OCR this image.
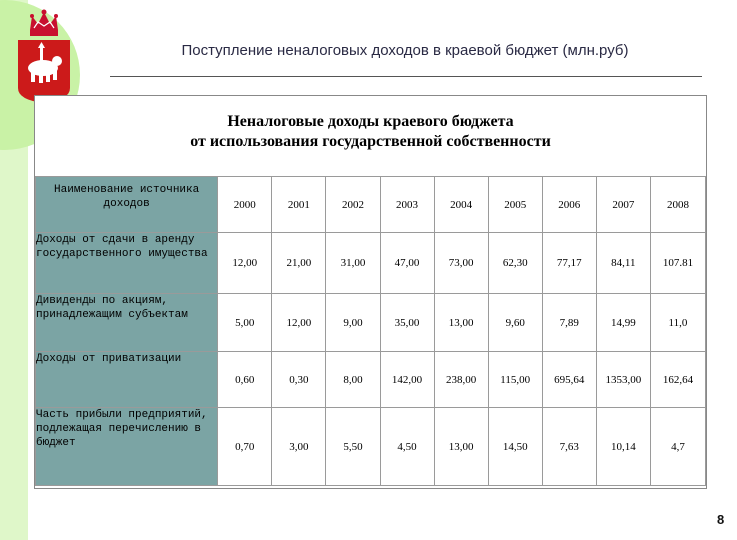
Поступление неналоговых доходов в краевой бюджет (млн.руб)
Неналоговые доходы краевого бюджета
от использования государственной собственности
Наименование источника доходов	2000	2001	2002	2003	2004	2005	2006	2007	2008
Доходы от сдачи в аренду государственного имущества	12,00	21,00	31,00	47,00	73,00	62,30	77,17	84,11	107.81
Дивиденды по акциям, принадлежащим субъектам	5,00	12,00	9,00	35,00	13,00	9,60	7,89	14,99	11,0
Доходы от приватизации	0,60	0,30	8,00	142,00	238,00	115,00	695,64	1353,00	162,64
Часть прибыли предприятий, подлежащая перечислению в бюджет	0,70	3,00	5,50	4,50	13,00	14,50	7,63	10,14	4,7
8
